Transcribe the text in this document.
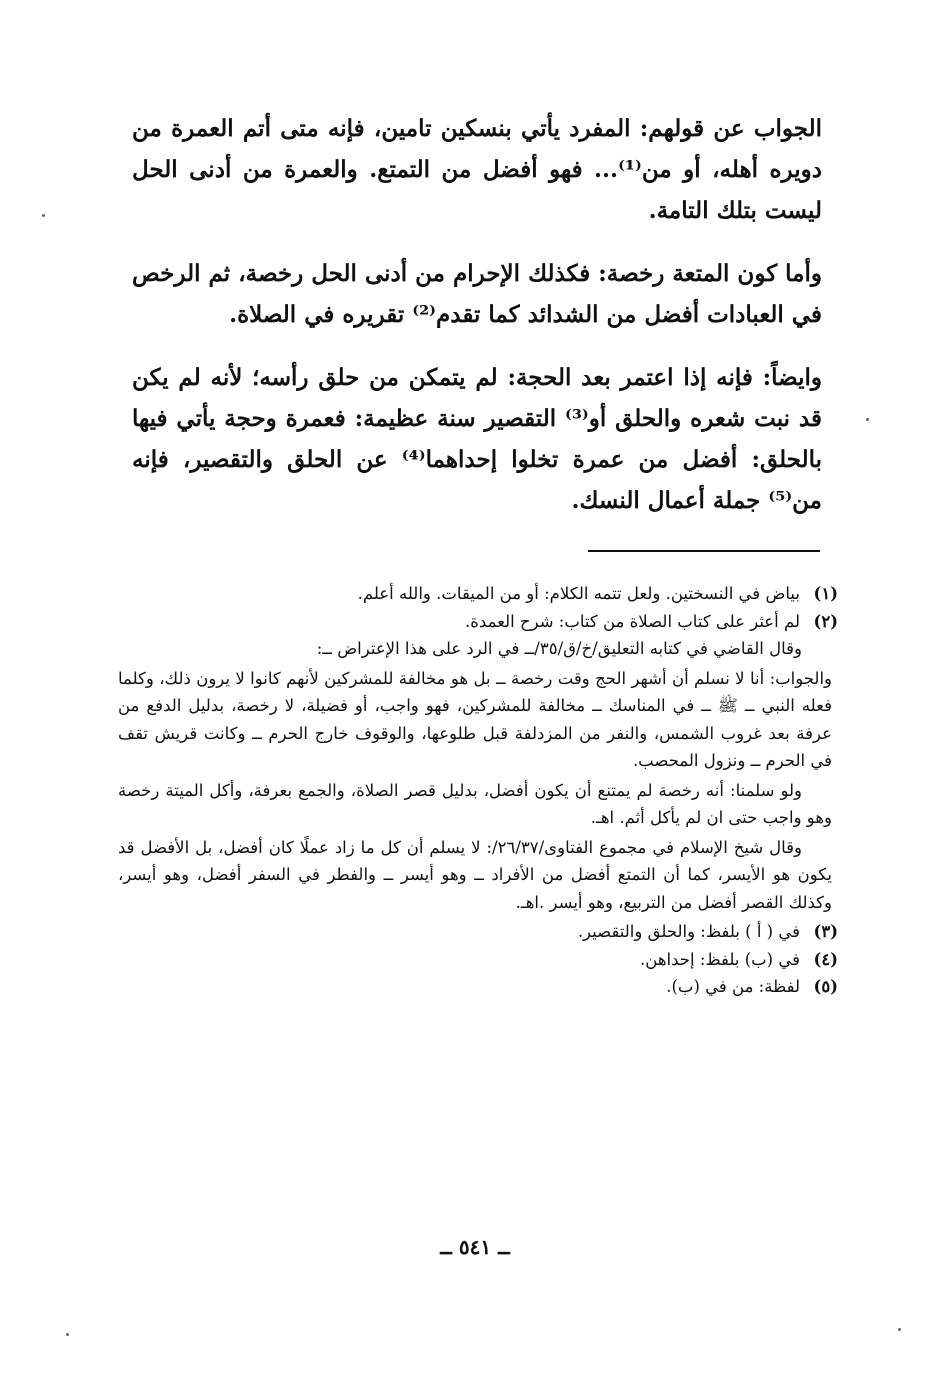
الجواب عن قولهم: المفرد يأتي بنسكين تامين، فإنه متى أتم العمرة من دويره أهله، أو من⁽¹⁾... فهو أفضل من التمتع. والعمرة من أدنى الحل ليست بتلك التامة.

وأما كون المتعة رخصة: فكذلك الإحرام من أدنى الحل رخصة، ثم الرخص في العبادات أفضل من الشدائد كما تقدم⁽²⁾ تقريره في الصلاة.

وايضاً: فإنه إذا اعتمر بعد الحجة: لم يتمكن من حلق رأسه؛ لأنه لم يكن قد نبت شعره والحلق أو⁽³⁾ التقصير سنة عظيمة: فعمرة وحجة يأتي فيها بالحلق: أفضل من عمرة تخلوا إحداهما⁽⁴⁾ عن الحلق والتقصير، فإنه من⁽⁵⁾ جملة أعمال النسك.

(١)
بياض في النسختين. ولعل تتمه الكلام: أو من الميقات. والله أعلم.
(٢)
لم أعثر على كتاب الصلاة من كتاب: شرح العمدة.

وقال القاضي في كتابه التعليق/خ/ق/٣٥/ــ في الرد على هذا الإعتراض ــ:

والجواب: أنا لا نسلم أن أشهر الحج وقت رخصة ــ بل هو مخالفة للمشركين لأنهم كانوا لا يرون ذلك، وكلما فعله النبي ــ ﷺ ــ في المناسك ــ مخالفة للمشركين، فهو واجب، أو فضيلة، لا رخصة، بدليل الدفع من عرفة بعد غروب الشمس، والنفر من المزدلفة قبل طلوعها، والوقوف خارج الحرم ــ وكانت قريش تقف في الحرم ــ ونزول المحصب.

ولو سلمنا: أنه رخصة لم يمتنع أن يكون أفضل، بدليل قصر الصلاة، والجمع بعرفة، وأكل الميتة رخصة وهو واجب حتى ان لم يأكل أثم. اهـ.

وقال شيخ الإسلام في مجموع الفتاوى/٢٦/٣٧/: لا يسلم أن كل ما زاد عملًا كان أفضل، بل الأفضل قد يكون هو الأيسر، كما أن التمتع أفضل من الأفراد ــ وهو أيسر ــ والفطر في السفر أفضل، وهو أيسر، وكذلك القصر أفضل من التربيع، وهو أيسر .اهـ.

(٣)
في ( أ ) بلفظ: والحلق والتقصير.
(٤)
في (ب) بلفظ: إحداهن.
(٥)
لفظة: من في (ب).
ــ ٥٤١ ــ
